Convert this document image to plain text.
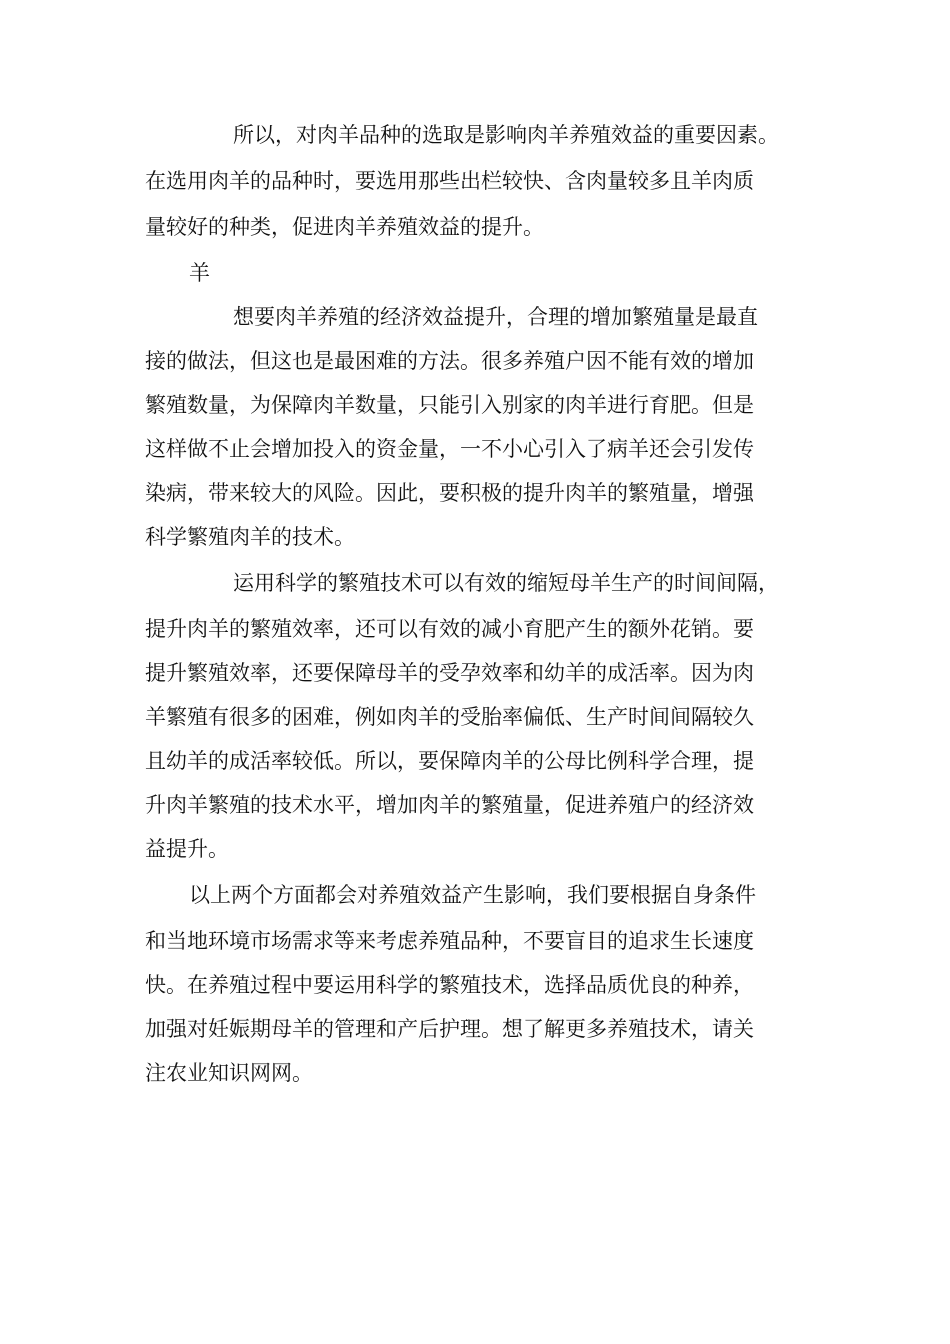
所以，对肉羊品种的选取是影响肉羊养殖效益的重要因素。

在选用肉羊的品种时，要选用那些出栏较快、含肉量较多且羊肉质

量较好的种类，促进肉羊养殖效益的提升。

羊

想要肉羊养殖的经济效益提升，合理的增加繁殖量是最直

接的做法，但这也是最困难的方法。很多养殖户因不能有效的增加

繁殖数量，为保障肉羊数量，只能引入别家的肉羊进行育肥。但是

这样做不止会增加投入的资金量，一不小心引入了病羊还会引发传

染病，带来较大的风险。因此，要积极的提升肉羊的繁殖量，增强

科学繁殖肉羊的技术。

运用科学的繁殖技术可以有效的缩短母羊生产的时间间隔，

提升肉羊的繁殖效率，还可以有效的减小育肥产生的额外花销。要

提升繁殖效率，还要保障母羊的受孕效率和幼羊的成活率。因为肉

羊繁殖有很多的困难，例如肉羊的受胎率偏低、生产时间间隔较久

且幼羊的成活率较低。所以，要保障肉羊的公母比例科学合理，提

升肉羊繁殖的技术水平，增加肉羊的繁殖量，促进养殖户的经济效

益提升。

以上两个方面都会对养殖效益产生影响，我们要根据自身条件

和当地环境市场需求等来考虑养殖品种，不要盲目的追求生长速度

快。在养殖过程中要运用科学的繁殖技术，选择品质优良的种养，

加强对妊娠期母羊的管理和产后护理。想了解更多养殖技术，请关

注农业知识网网。
